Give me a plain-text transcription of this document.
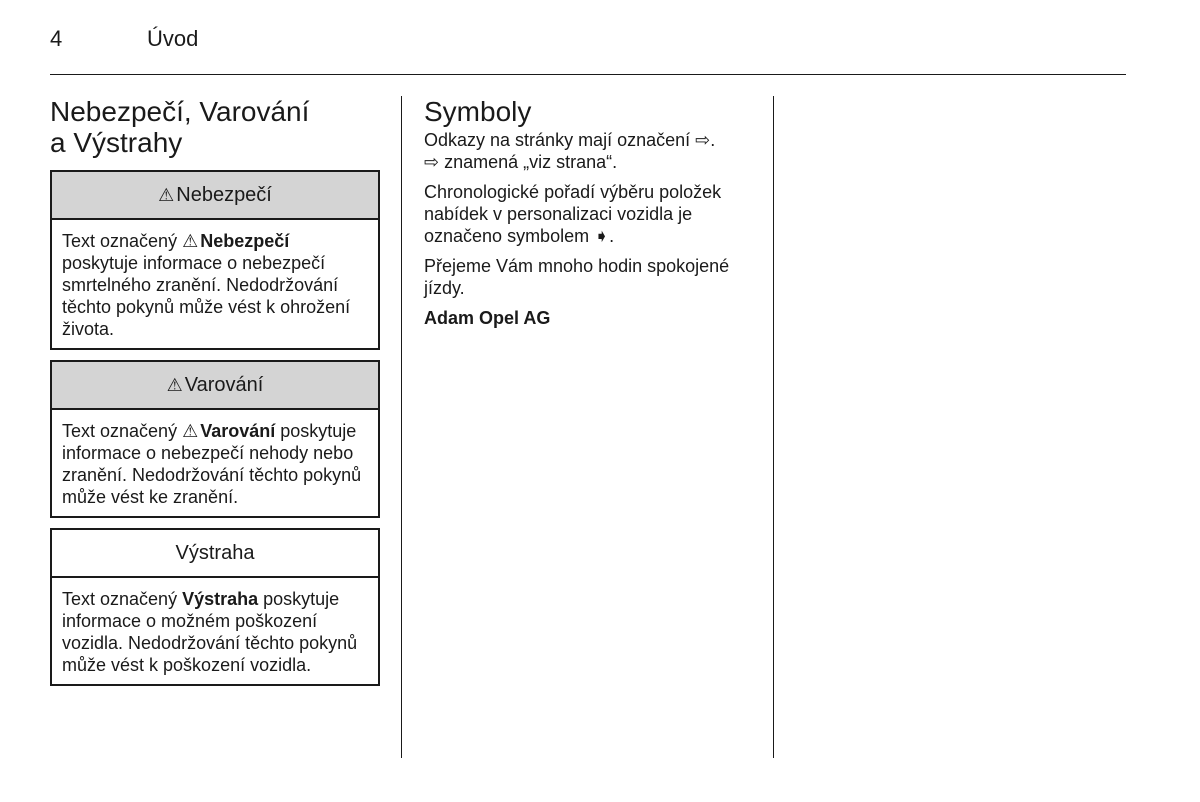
4	Úvod
Nebezpečí, Varování
a Výstrahy
⚠ Nebezpečí
Text označený ⚠ Nebezpečí poskytuje informace o nebezpečí smrtelného zranění. Nedodržování těchto pokynů může vést k ohrožení života.
⚠ Varování
Text označený ⚠ Varování poskytuje informace o nebezpečí nehody nebo zranění. Nedodržování těchto pokynů může vést ke zranění.
Výstraha
Text označený Výstraha poskytuje informace o možném poškození vozidla. Nedodržování těchto pokynů může vést k poškození vozidla.
Symboly

Odkazy na stránky mají označení ⇨.
⇨ znamená „viz strana“.

Chronologické pořadí výběru položek nabídek v personalizaci vozidla je označeno symbolem ➧.

Přejeme Vám mnoho hodin spokojené jízdy.

Adam Opel AG
